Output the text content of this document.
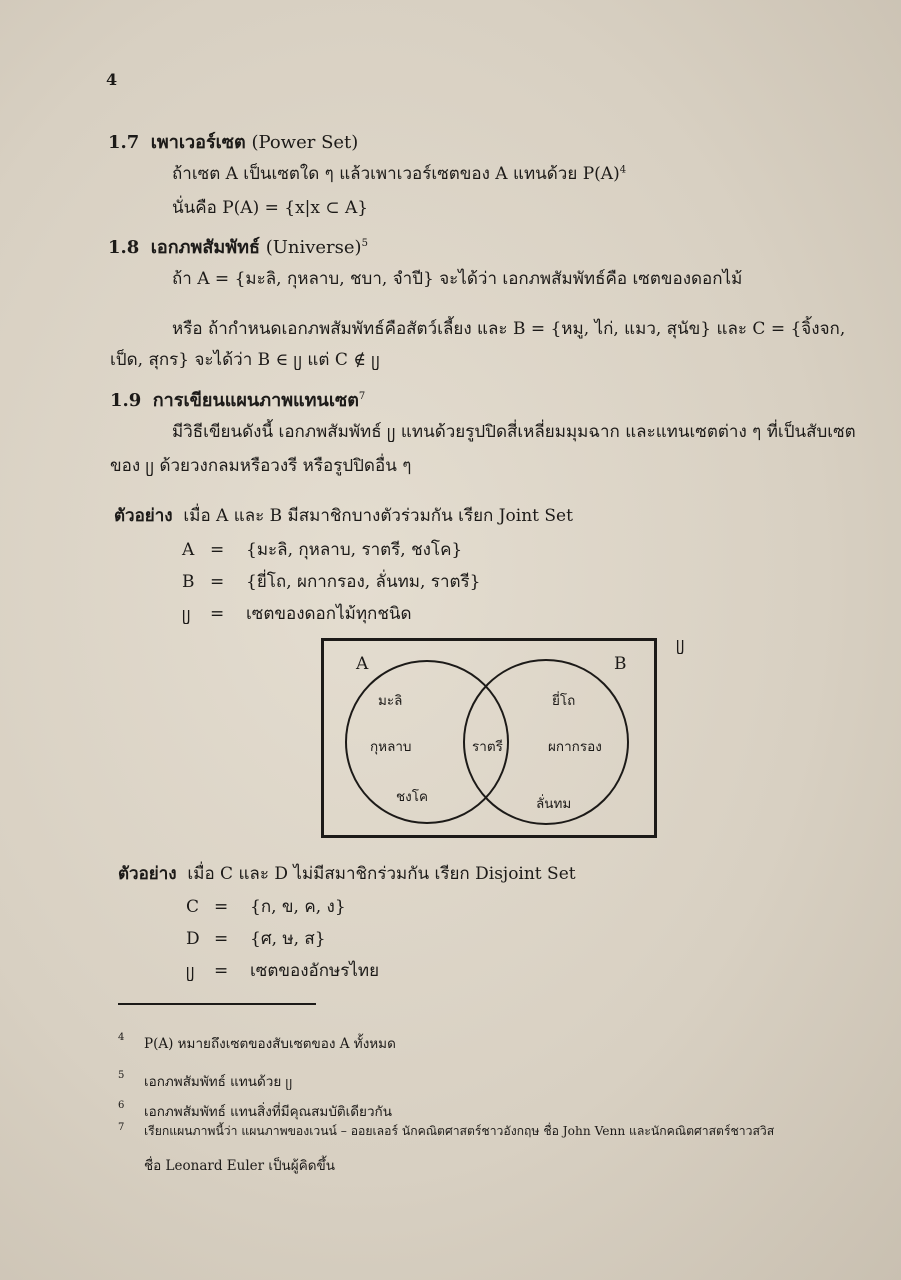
4
1.7 เพาเวอร์เซต (Power Set)
ถ้าเซต A เป็นเซตใด ๆ แล้วเพาเวอร์เซตของ A แทนด้วย $P(A)^4$
นั่นคือ P(A) = {x|x ⊂ A}
1.8 เอกภพสัมพัทธ์ (Universe)$^5$
ถ้า A = {มะลิ, กุหลาบ, ชบา, จำปี} จะได้ว่า เอกภพสัมพัทธ์คือ เซตของดอกไม้
หรือ ถ้ากำหนดเอกภพสัมพัทธ์คือสัตว์เลี้ยง และ B = {หมู, ไก่, แมว, สุนัข} และ C = {จิ้งจก,
เป็ด, สุกร} จะได้ว่า B ∈ ᥩ แต่ C ∉ ᥩ
1.9 การเขียนแผนภาพแทนเซต$^7$
มีวิธีเขียนดังนี้ เอกภพสัมพัทธ์ ᥩ แทนด้วยรูปปิดสี่เหลี่ยมมุมฉาก และแทนเซตต่าง ๆ ที่เป็นสับเซต
ของ ᥩ ด้วยวงกลมหรือวงรี หรือรูปปิดอื่น ๆ
ตัวอย่าง เมื่อ A และ B มีสมาชิกบางตัวร่วมกัน เรียก Joint Set
A = {มะลิ, กุหลาบ, ราตรี, ชงโค}
B = {ยี่โถ, ผกากรอง, ลั่นทม, ราตรี}
ᥩ = เซตของดอกไม้ทุกชนิด
ᥩ
A	B
มะลิ
กุหลาบ
ชงโค
ราตรี
ยี่โถ
ผกากรอง
ลั่นทม
ตัวอย่าง เมื่อ C และ D ไม่มีสมาชิกร่วมกัน เรียก Disjoint Set
C = {ก, ข, ค, ง}
D = {ศ, ษ, ส}
ᥩ = เซตของอักษรไทย
4 P(A) หมายถึงเซตของสับเซตของ A ทั้งหมด
5 เอกภพสัมพัทธ์ แทนด้วย ᥩ
6 เอกภพสัมพัทธ์ แทนสิ่งที่มีคุณสมบัติเดียวกัน
7 เรียกแผนภาพนี้ว่า แผนภาพของเวนน์ – ออยเลอร์ นักคณิตศาสตร์ชาวอังกฤษ ชื่อ John Venn และนักคณิตศาสตร์ชาวสวิส
ชื่อ Leonard Euler เป็นผู้คิดขึ้น
